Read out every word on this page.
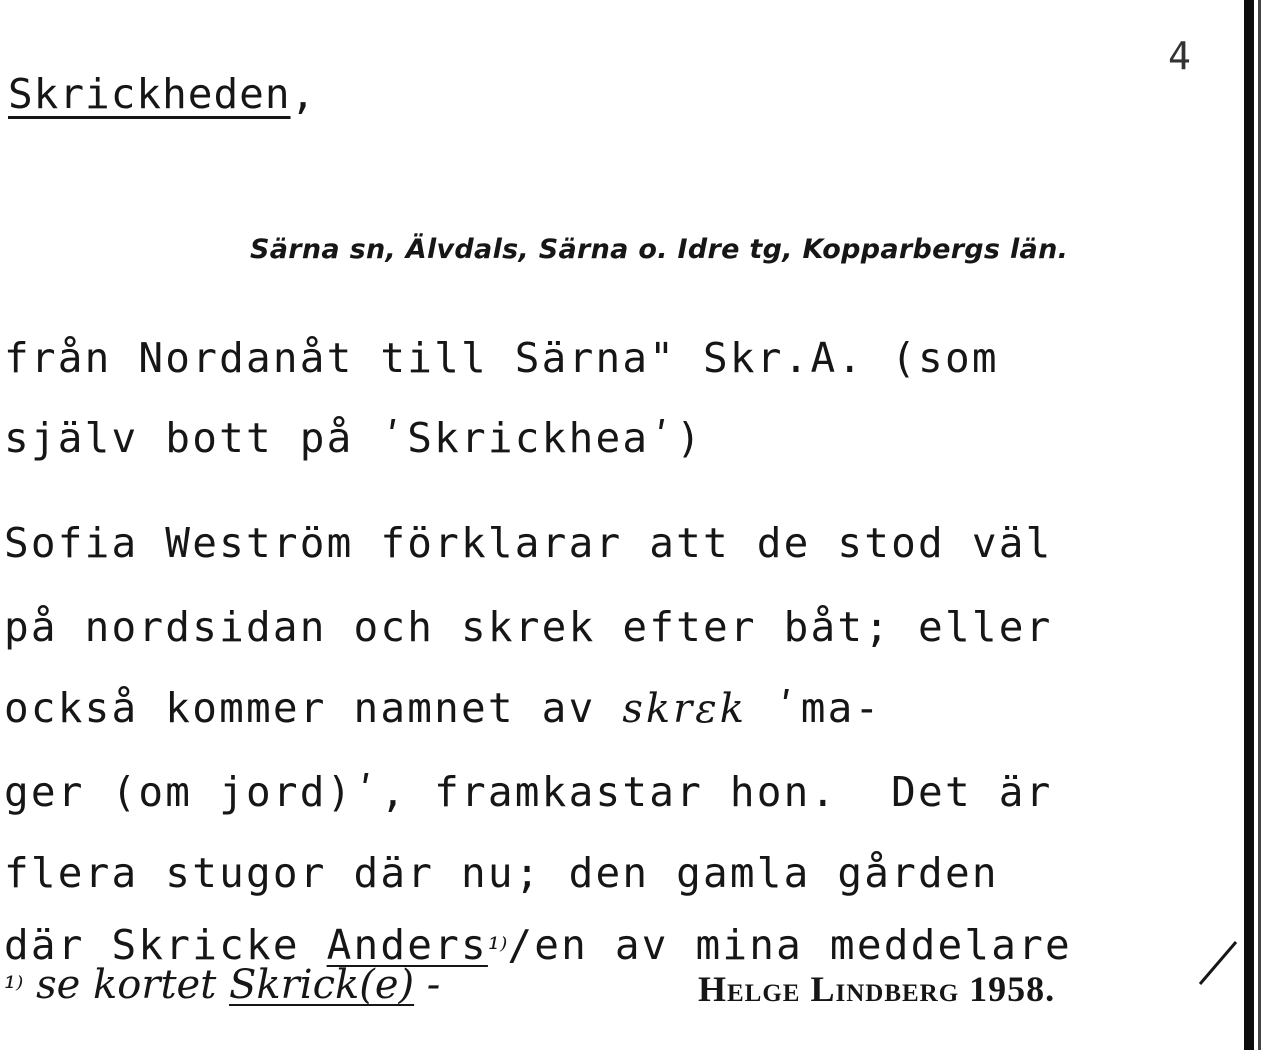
4
Skrickheden,
Särna sn, Älvdals, Särna o. Idre tg, Kopparbergs län.
från Nordanåt till Särna" Skr.A. (som
själv bott på ʹSkrickheaʹ)
Sofia Weström förklarar att de stod väl
på nordsidan och skrek efter båt; eller
också kommer namnet av skrɛk ʹma-
ger (om jord)ʹ, framkastar hon.  Det är
flera stugor där nu; den gamla gården
där Skricke Anders¹⁾/en av mina meddelare
¹⁾ se kortet Skrick(e) -	Helge Lindberg 1958.
